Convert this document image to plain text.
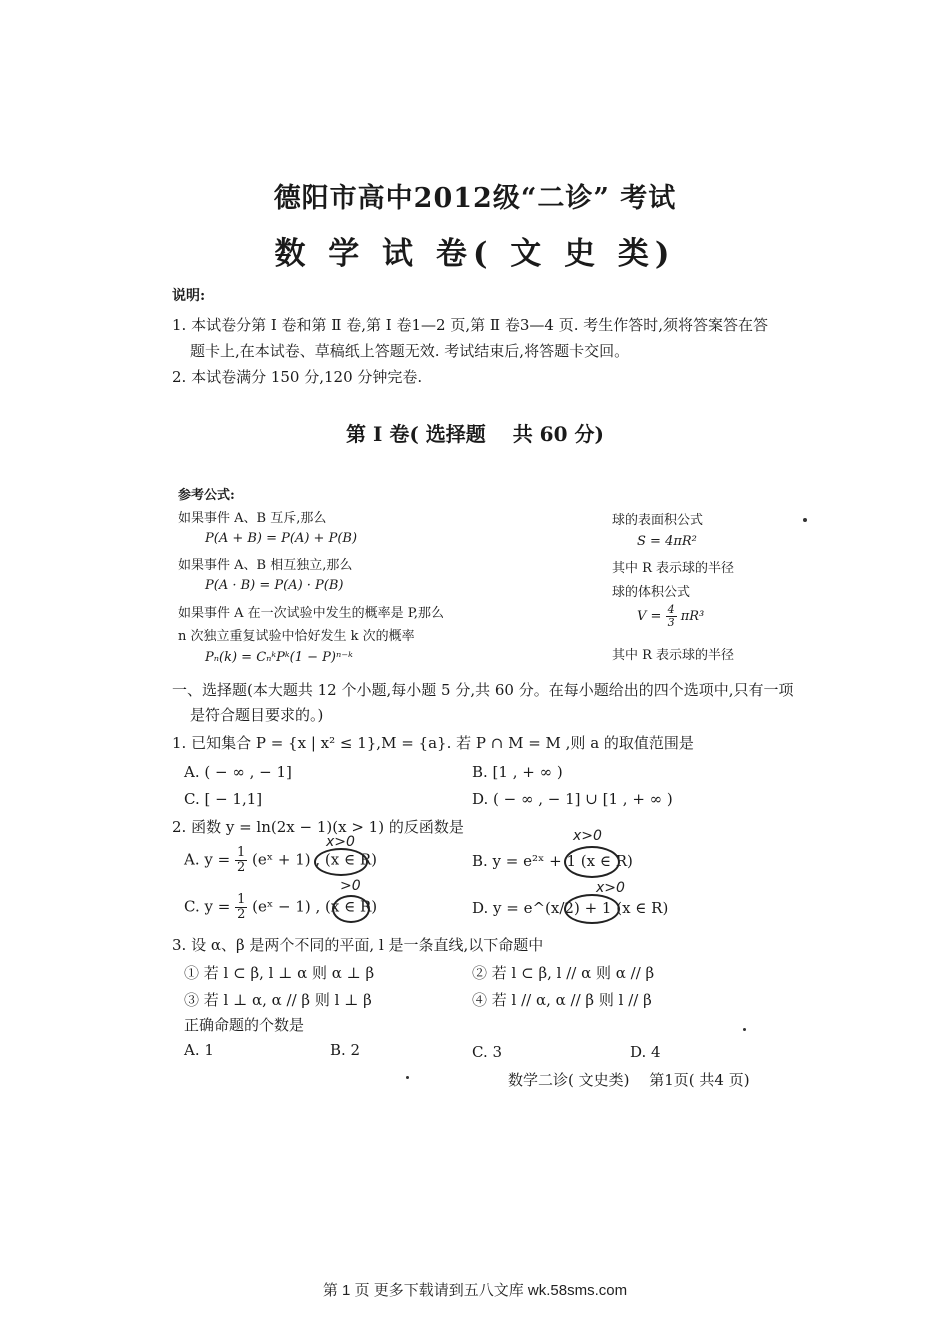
德阳市高中2012级“二诊” 考试
数 学 试 卷( 文 史 类)
说明:
1. 本试卷分第 Ⅰ 卷和第 Ⅱ 卷,第 Ⅰ 卷1—2 页,第 Ⅱ 卷3—4 页. 考生作答时,须将答案答在答
题卡上,在本试卷、草稿纸上答题无效. 考试结束后,将答题卡交回。
2. 本试卷满分 150 分,120 分钟完卷.
第 Ⅰ 卷( 选择题　 共 60 分)
参考公式:
如果事件 A、B 互斥,那么
P(A + B) = P(A) + P(B)
如果事件 A、B 相互独立,那么
P(A · B) = P(A) · P(B)
如果事件 A 在一次试验中发生的概率是 P,那么
n 次独立重复试验中恰好发生 k 次的概率
Pₙ(k) = CₙᵏPᵏ(1 − P)ⁿ⁻ᵏ
球的表面积公式
S = 4πR²
其中 R 表示球的半径
球的体积公式
$V = \frac{4}{3} \pi R^3$
其中 R 表示球的半径
一、选择题(本大题共 12 个小题,每小题 5 分,共 60 分。在每小题给出的四个选项中,只有一项
是符合题目要求的。)
1. 已知集合 P = {x | x² ≤ 1},M = {a}. 若 P ∩ M = M ,则 a 的取值范围是
A. ( − ∞ , − 1]	B. [1 , + ∞ )
C. [ − 1,1]	D. ( − ∞ , − 1] ∪ [1 , + ∞ )
2. 函数 y = ln(2x − 1)(x > 1) 的反函数是
A. $y = \frac{1}{2}$ (eˣ + 1) , (x ∈ R)
x>0
B. y = e²ˣ + 1 (x ∈ R)
x>0
C. $y = \frac{1}{2}$ (eˣ − 1) , (x ∈ R)
>0
D. y = e^(x/2) + 1 (x ∈ R)
x>0
3. 设 α、β 是两个不同的平面, l 是一条直线,以下命题中
① 若 l ⊂ β, l ⊥ α 则 α ⊥ β	② 若 l ⊂ β, l // α 则 α // β
③ 若 l ⊥ α, α // β 则 l ⊥ β	④ 若 l // α, α // β 则 l // β
正确命题的个数是
A. 1	B. 2	C. 3	D. 4
数学二诊( 文史类)　 第1页( 共4 页)
第 1 页 更多下载请到五八文库 wk.58sms.com
